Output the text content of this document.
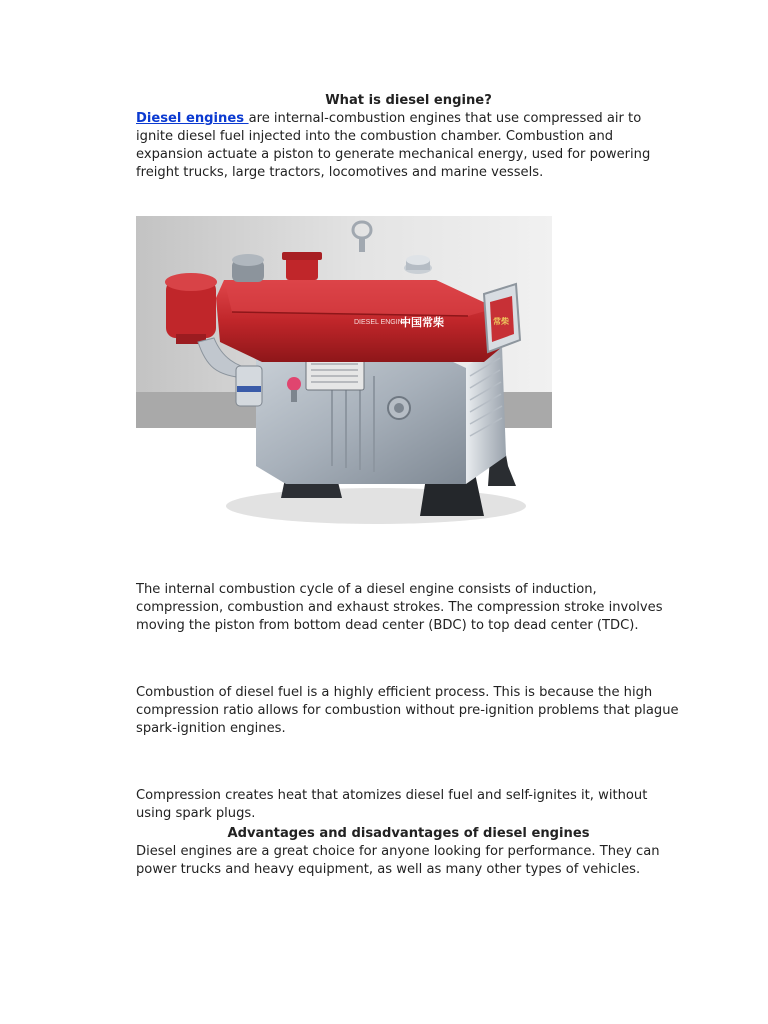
What is diesel engine?

Diesel engines are internal-combustion engines that use compressed air to ignite diesel fuel injected into the combustion chamber. Combustion and expansion actuate a piston to generate mechanical energy, used for powering freight trucks, large tractors, locomotives and marine vessels.

DIESEL ENGINE
中国常柴	常柴

The internal combustion cycle of a diesel engine consists of induction, compression, combustion and exhaust strokes. The compression stroke involves moving the piston from bottom dead center (BDC) to top dead center (TDC).

Combustion of diesel fuel is a highly efficient process. This is because the high compression ratio allows for combustion without pre-ignition problems that plague spark-ignition engines.

Compression creates heat that atomizes diesel fuel and self-ignites it, without using spark plugs.

Advantages and disadvantages of diesel engines

Diesel engines are a great choice for anyone looking for performance. They can power trucks and heavy equipment, as well as many other types of vehicles.
